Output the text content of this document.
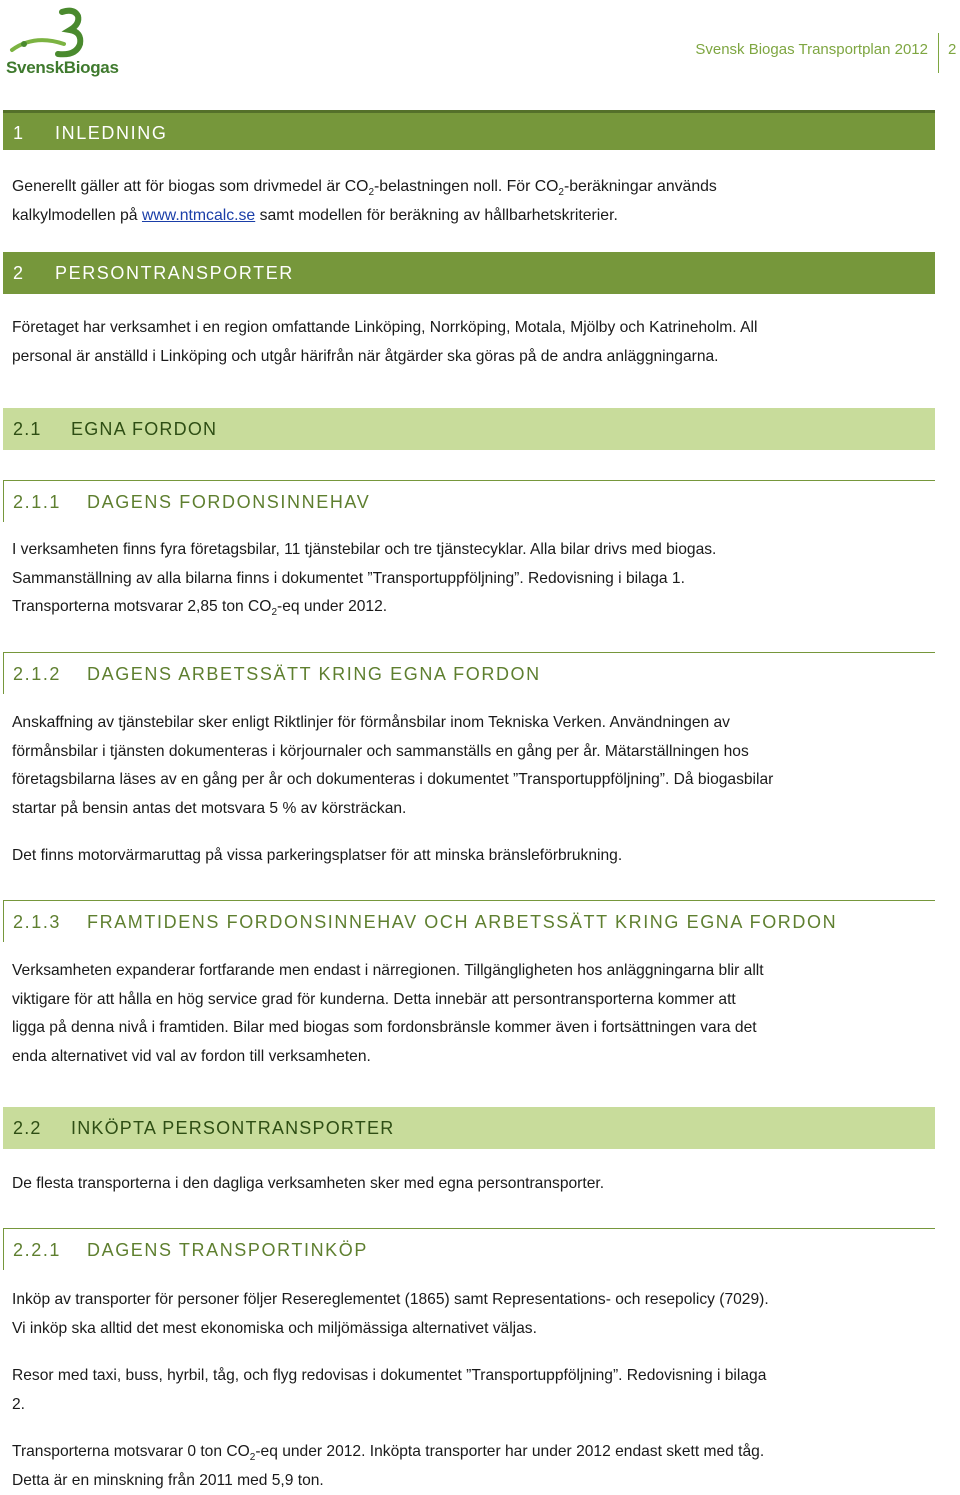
SvenskBiogas
Svensk Biogas Transportplan 2012 2
1 INLEDNING
Generellt gäller att för biogas som drivmedel är $CO_2$-belastningen noll. För $CO_2$-beräkningar används
kalkylmodellen på www.ntmcalc.se samt modellen för beräkning av hållbarhetskriterier.
2 PERSONTRANSPORTER
Företaget har verksamhet i en region omfattande Linköping, Norrköping, Motala, Mjölby och Katrineholm. All
personal är anställd i Linköping och utgår härifrån när åtgärder ska göras på de andra anläggningarna.
2.1 EGNA FORDON
2.1.1 DAGENS FORDONSINNEHAV
I verksamheten finns fyra företagsbilar, 11 tjänstebilar och tre tjänstecyklar. Alla bilar drivs med biogas.
Sammanställning av alla bilarna finns i dokumentet ”Transportuppföljning”. Redovisning i bilaga 1.
Transporterna motsvarar 2,85 ton $CO_2-eq$ under 2012.
2.1.2 DAGENS ARBETSSÄTT KRING EGNA FORDON
Anskaffning av tjänstebilar sker enligt Riktlinjer för förmånsbilar inom Tekniska Verken. Användningen av
förmånsbilar i tjänsten dokumenteras i körjournaler och sammanställs en gång per år. Mätarställningen hos
företagsbilarna läses av en gång per år och dokumenteras i dokumentet ”Transportuppföljning”. Då biogasbilar
startar på bensin antas det motsvara 5 % av körsträckan.
Det finns motorvärmaruttag på vissa parkeringsplatser för att minska bränsleförbrukning.
2.1.3 FRAMTIDENS FORDONSINNEHAV OCH ARBETSSÄTT KRING EGNA FORDON
Verksamheten expanderar fortfarande men endast i närregionen. Tillgängligheten hos anläggningarna blir allt
viktigare för att hålla en hög service grad för kunderna. Detta innebär att persontransporterna kommer att
ligga på denna nivå i framtiden. Bilar med biogas som fordonsbränsle kommer även i fortsättningen vara det
enda alternativet vid val av fordon till verksamheten.
2.2 INKÖPTA PERSONTRANSPORTER
De flesta transporterna i den dagliga verksamheten sker med egna persontransporter.
2.2.1 DAGENS TRANSPORTINKÖP
Inköp av transporter för personer följer Resereglementet (1865) samt Representations- och resepolicy (7029).
Vi inköp ska alltid det mest ekonomiska och miljömässiga alternativet väljas.
Resor med taxi, buss, hyrbil, tåg, och flyg redovisas i dokumentet ”Transportuppföljning”. Redovisning i bilaga
2.
Transporterna motsvarar 0 ton $CO_2-eq$ under 2012. Inköpta transporter har under 2012 endast skett med tåg.
Detta är en minskning från 2011 med 5,9 ton.
